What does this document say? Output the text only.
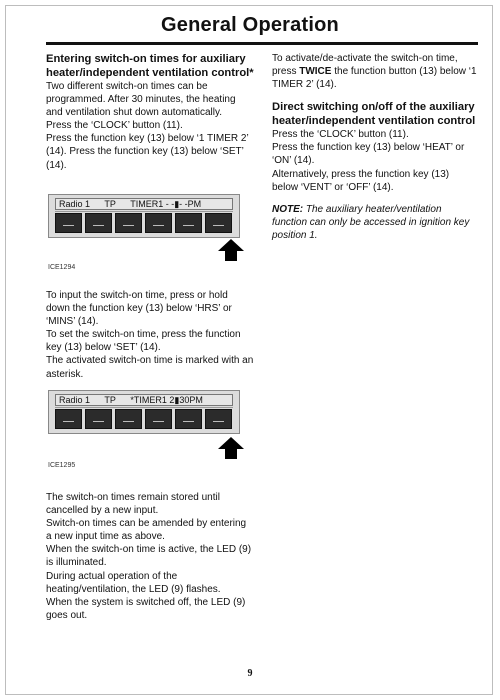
General Operation

Entering switch-on times for auxiliary heater/independent ventilation control*

Two different switch-on times can be programmed. After 30 minutes, the heating and ventilation shut down automatically.
Press the ‘CLOCK’ button (11).
Press the function key (13) below ‘1 TIMER 2’ (14). Press the function key (13) below ‘SET’ (14).

Radio 1 TP TIMER1 - -▮- -PM
ICE1294

To input the switch-on time, press or hold down the function key (13) below ‘HRS’ or ‘MINS’ (14).
To set the switch-on time, press the function key (13) below ‘SET’ (14).
The activated switch-on time is marked with an asterisk.

Radio 1 TP *TIMER1 2▮30PM
ICE1295

The switch-on times remain stored until cancelled by a new input.
Switch-on times can be amended by entering a new input time as above.
When the switch-on time is active, the LED (9) is illuminated.
During actual operation of the heating/ventilation, the LED (9) flashes.
When the system is switched off, the LED (9) goes out.

To activate/de-activate the switch-on time, press TWICE the function button (13) below ‘1 TIMER 2’ (14).

Direct switching on/off of the auxiliary heater/independent ventilation control

Press the ‘CLOCK’ button (11).
Press the function key (13) below ‘HEAT’ or ‘ON’ (14).
Alternatively, press the function key (13) below ‘VENT’ or ‘OFF’ (14).

NOTE: The auxiliary heater/ventilation function can only be accessed in ignition key position 1.

9
